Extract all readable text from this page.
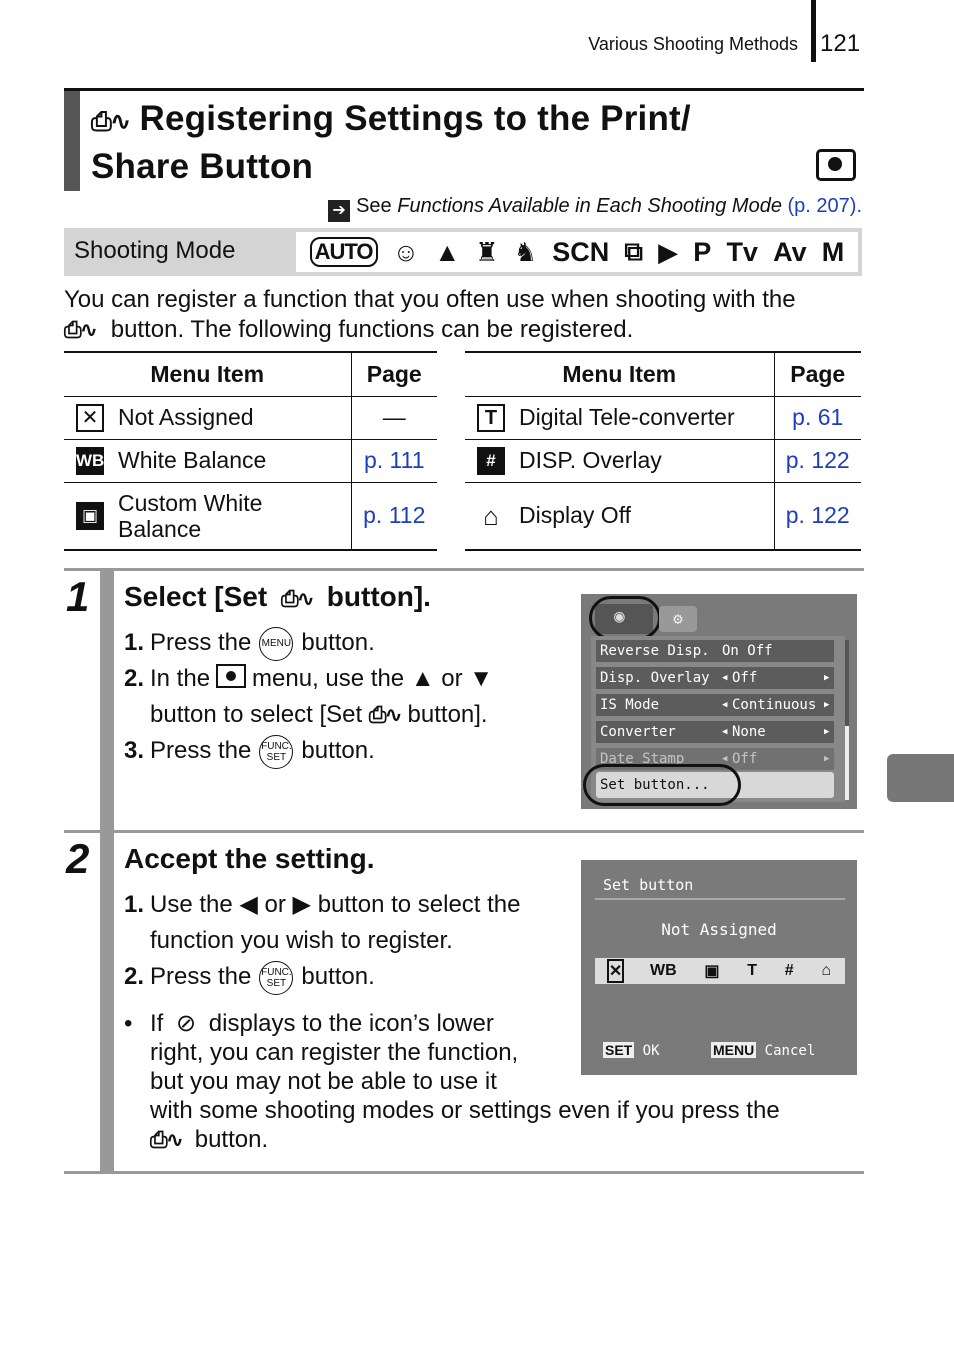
Various Shooting Methods 121
⎙∿ Registering Settings to the Print/
Share Button
➔ See Functions Available in Each Shooting Mode (p. 207).
Shooting Mode	AUTO ☺ ▲ ♜ ♞ SCN ⧉ ▶ P Tv Av M
You can register a function that you often use when shooting with the
⎙∿ button. The following functions can be registered.
Menu Item	Page

✕ Not Assigned	—

WB White Balance	p. 111

▣ Custom White
Balance	p. 112
Menu Item	Page

T Digital Tele-converter	p. 61

# DISP. Overlay	p. 122

⌂ Display Off	p. 122
1 Select [Set ⎙∿ button].
1. Press the MENU button.
2. In the menu, use the ▲ or ▼
button to select [Set ⎙∿ button].
3. Press the FUNC.
SET button.
◉
⚙
Reverse Disp. On Off
Disp. Overlay	◀ Off	▶
IS Mode	◀ Continuous ▶
Converter	◀ None	▶
Date Stamp	◀ Off	▶
Set button...
2 Accept the setting.
1. Use the ◀ or ▶ button to select the
function you wish to register.
2. Press the FUNC.
SET button.
• If ⊘ displays to the icon’s lower
right, you can register the function,
but you may not be able to use it
with some shooting modes or settings even if you press the
⎙∿ button.
Set button
Not Assigned
✕ WB ▣ T # ⌂
SET OK	MENU Cancel
